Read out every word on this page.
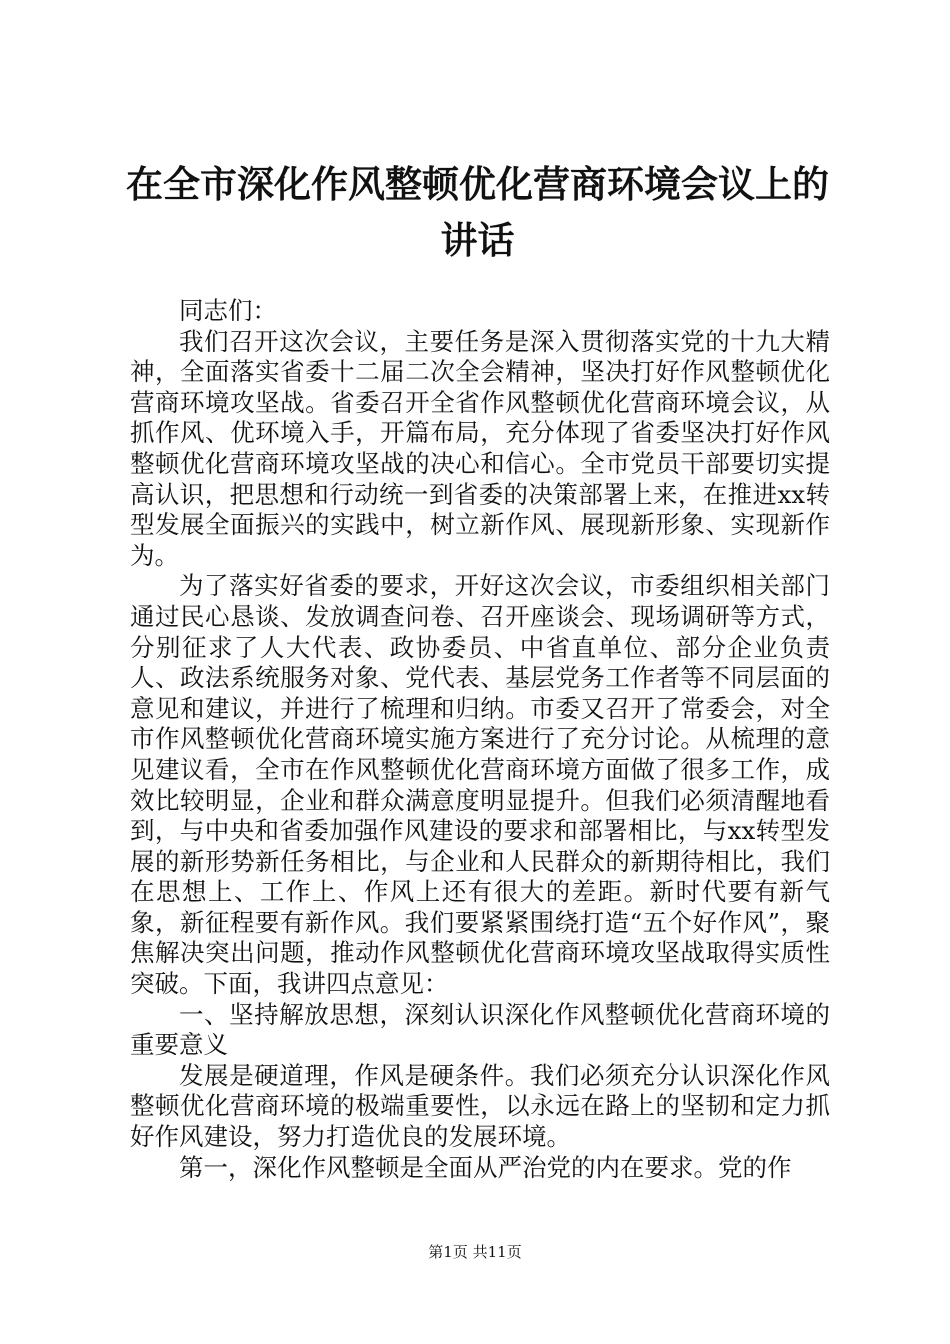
在全市深化作风整顿优化营商环境会议上的讲话

同志们：

我们召开这次会议，主要任务是深入贯彻落实党的十九大精神，全面落实省委十二届二次全会精神，坚决打好作风整顿优化营商环境攻坚战。省委召开全省作风整顿优化营商环境会议，从抓作风、优环境入手，开篇布局，充分体现了省委坚决打好作风整顿优化营商环境攻坚战的决心和信心。全市党员干部要切实提高认识，把思想和行动统一到省委的决策部署上来，在推进xx转型发展全面振兴的实践中，树立新作风、展现新形象、实现新作为。

为了落实好省委的要求，开好这次会议，市委组织相关部门通过民心恳谈、发放调查问卷、召开座谈会、现场调研等方式，分别征求了人大代表、政协委员、中省直单位、部分企业负责人、政法系统服务对象、党代表、基层党务工作者等不同层面的意见和建议，并进行了梳理和归纳。市委又召开了常委会，对全市作风整顿优化营商环境实施方案进行了充分讨论。从梳理的意见建议看，全市在作风整顿优化营商环境方面做了很多工作，成效比较明显，企业和群众满意度明显提升。但我们必须清醒地看到，与中央和省委加强作风建设的要求和部署相比，与xx转型发展的新形势新任务相比，与企业和人民群众的新期待相比，我们在思想上、工作上、作风上还有很大的差距。新时代要有新气象，新征程要有新作风。我们要紧紧围绕打造“五个好作风”，聚焦解决突出问题，推动作风整顿优化营商环境攻坚战取得实质性突破。下面，我讲四点意见：

一、坚持解放思想，深刻认识深化作风整顿优化营商环境的重要意义

发展是硬道理，作风是硬条件。我们必须充分认识深化作风整顿优化营商环境的极端重要性，以永远在路上的坚韧和定力抓好作风建设，努力打造优良的发展环境。

第一，深化作风整顿是全面从严治党的内在要求。党的作

第1页 共11页
